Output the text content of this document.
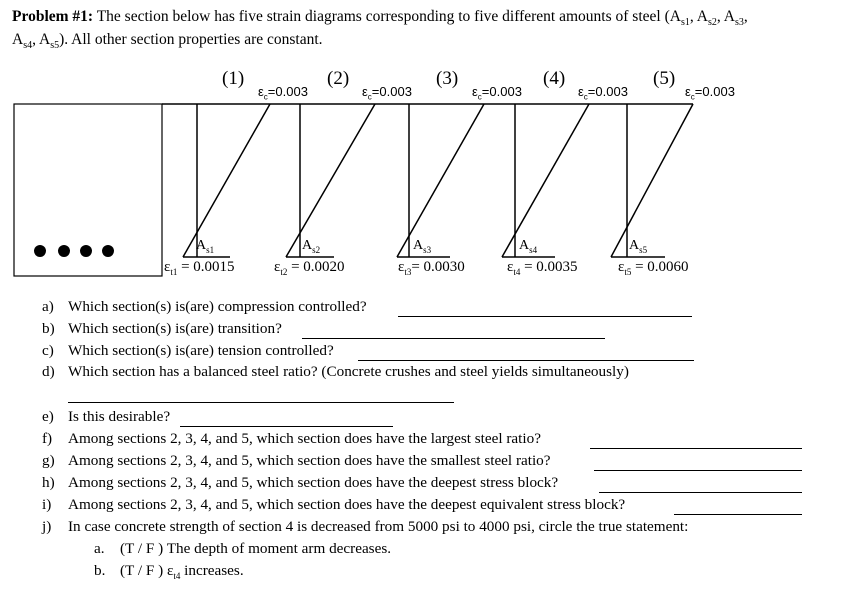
Problem #1: The section below has five strain diagrams corresponding to five different amounts of steel ($A_{s1}$, $A_{s2}$, $A_{s3}$,
$A_{s4}$, $A_{s5}$). All other section properties are constant.
(1)
$\varepsilon_c=0.003$
(2)
$\varepsilon_c=0.003$
(3)
$\varepsilon_c=0.003$
(4)
$\varepsilon_c=0.003$
(5)
$\varepsilon_c=0.003$
$A_{s1}$	$A_{s2}$	$A_{s3}$	$A_{s4}$	$A_{s5}$
$\varepsilon_{t1} = 0.0015$	$\varepsilon_{t2} = 0.0020$	$\varepsilon_{t3}= 0.0030$	$\varepsilon_{t4} = 0.0035$	$\varepsilon_{t5} = 0.0060$
a) Which section(s) is(are) compression controlled?
b) Which section(s) is(are) transition?
c) Which section(s) is(are) tension controlled?
d) Which section has a balanced steel ratio? (Concrete crushes and steel yields simultaneously)
e) Is this desirable?
f) Among sections 2, 3, 4, and 5, which section does have the largest steel ratio?
g) Among sections 2, 3, 4, and 5, which section does have the smallest steel ratio?
h) Among sections 2, 3, 4, and 5, which section does have the deepest stress block?
i) Among sections 2, 3, 4, and 5, which section does have the deepest equivalent stress block?
j) In case concrete strength of section 4 is decreased from 5000 psi to 4000 psi, circle the true statement:
a. (T / F ) The depth of moment arm decreases.
b. (T / F ) $\varepsilon_{t4}$ increases.
